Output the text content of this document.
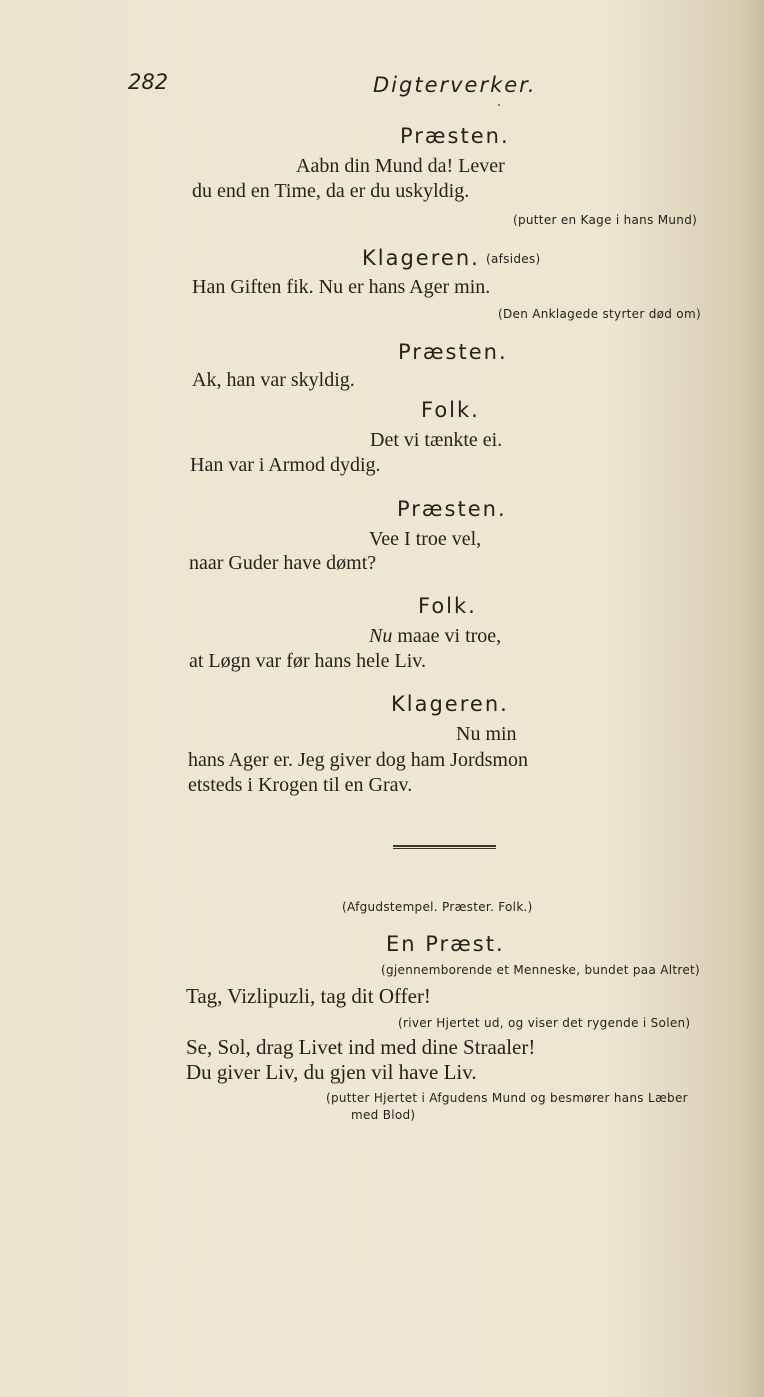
282	Digterverker.
Præsten.
Aabn din Mund da! Lever
du end en Time, da er du uskyldig.
(putter en Kage i hans Mund)
Klageren. (afsides)
Han Giften fik. Nu er hans Ager min.
(Den Anklagede styrter død om)
Præsten.
Ak, han var skyldig.
Folk.
Det vi tænkte ei.
Han var i Armod dydig.
Præsten.
Vee I troe vel,
naar Guder have dømt?
Folk.
Nu maae vi troe,
at Løgn var før hans hele Liv.
Klageren.
Nu min
hans Ager er. Jeg giver dog ham Jordsmon
etsteds i Krogen til en Grav.
(Afgudstempel. Præster. Folk.)
En Præst.
(gjennemborende et Menneske, bundet paa Altret)
Tag, Vizlipuzli, tag dit Offer!
(river Hjertet ud, og viser det rygende i Solen)
Se, Sol, drag Livet ind med dine Straaler!
Du giver Liv, du gjen vil have Liv.
(putter Hjertet i Afgudens Mund og besmører hans Læber
med Blod)
